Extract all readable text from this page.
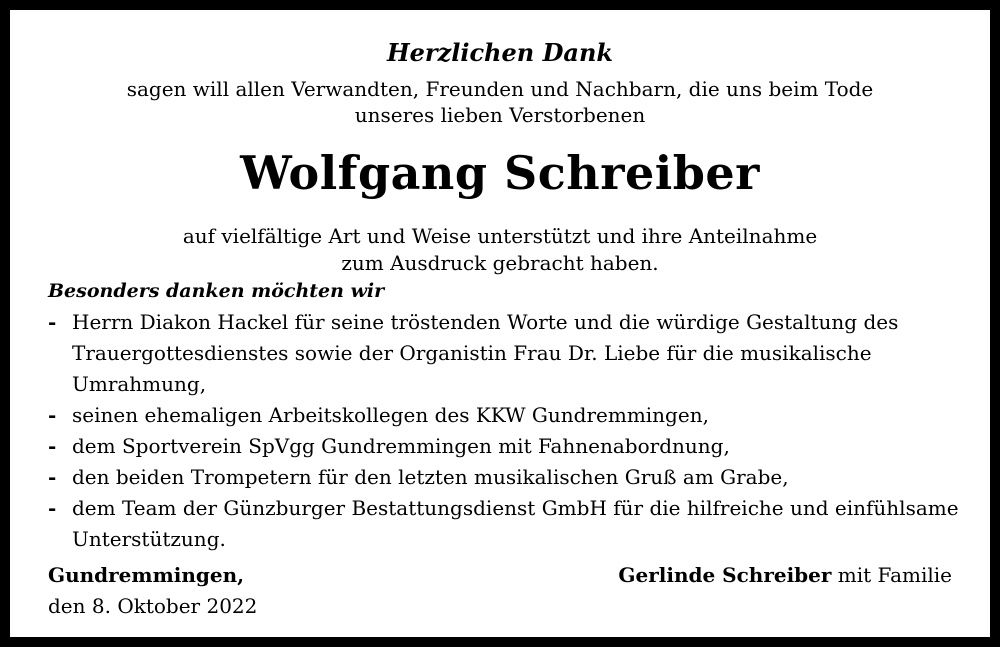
Herzlichen Dank
sagen will allen Verwandten, Freunden und Nachbarn, die uns beim Tode
unseres lieben Verstorbenen
Wolfgang Schreiber
auf vielfältige Art und Weise unterstützt und ihre Anteilnahme
zum Ausdruck gebracht haben.
Besonders danken möchten wir
- Herrn Diakon Hackel für seine tröstenden Worte und die würdige Gestaltung des Trauergottesdienstes sowie der Organistin Frau Dr. Liebe für die musikalische Umrahmung,
- seinen ehemaligen Arbeitskollegen des KKW Gundremmingen,
- dem Sportverein SpVgg Gundremmingen mit Fahnenabordnung,
- den beiden Trompetern für den letzten musikalischen Gruß am Grabe,
- dem Team der Günzburger Bestattungsdienst GmbH für die hilfreiche und einfühlsame Unterstützung.
Gundremmingen,
den 8. Oktober 2022
Gerlinde Schreiber mit Familie
